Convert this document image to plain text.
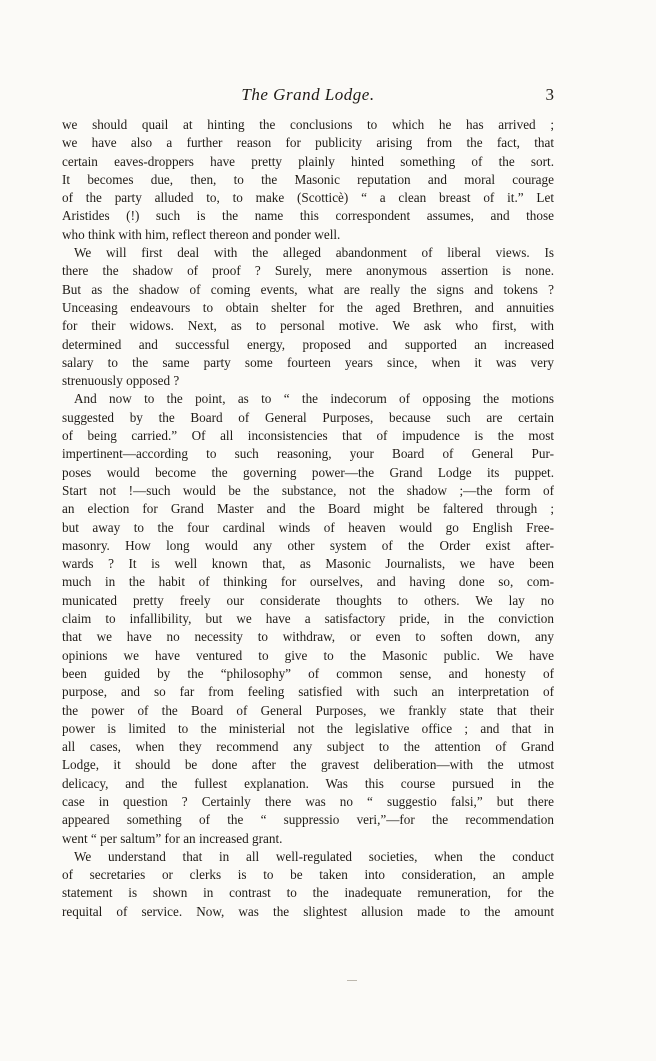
The Grand Lodge.	3
we should quail at hinting the conclusions to which he has arrived ;
we have also a further reason for publicity arising from the fact, that
certain eaves-droppers have pretty plainly hinted something of the sort.
It becomes due, then, to the Masonic reputation and moral courage
of the party alluded to, to make (Scotticè) “ a clean breast of it.” Let
Aristides (!) such is the name this correspondent assumes, and those
who think with him, reflect thereon and ponder well.
We will first deal with the alleged abandonment of liberal views. Is
there the shadow of proof ? Surely, mere anonymous assertion is none.
But as the shadow of coming events, what are really the signs and tokens ?
Unceasing endeavours to obtain shelter for the aged Brethren, and annuities
for their widows. Next, as to personal motive. We ask who first, with
determined and successful energy, proposed and supported an increased
salary to the same party some fourteen years since, when it was very
strenuously opposed ?
And now to the point, as to “ the indecorum of opposing the motions
suggested by the Board of General Purposes, because such are certain
of being carried.” Of all inconsistencies that of impudence is the most
impertinent—according to such reasoning, your Board of General Pur-
poses would become the governing power—the Grand Lodge its puppet.
Start not !—such would be the substance, not the shadow ;—the form of
an election for Grand Master and the Board might be faltered through ;
but away to the four cardinal winds of heaven would go English Free-
masonry. How long would any other system of the Order exist after-
wards ? It is well known that, as Masonic Journalists, we have been
much in the habit of thinking for ourselves, and having done so, com-
municated pretty freely our considerate thoughts to others. We lay no
claim to infallibility, but we have a satisfactory pride, in the conviction
that we have no necessity to withdraw, or even to soften down, any
opinions we have ventured to give to the Masonic public. We have
been guided by the “philosophy” of common sense, and honesty of
purpose, and so far from feeling satisfied with such an interpretation of
the power of the Board of General Purposes, we frankly state that their
power is limited to the ministerial not the legislative office ; and that in
all cases, when they recommend any subject to the attention of Grand
Lodge, it should be done after the gravest deliberation—with the utmost
delicacy, and the fullest explanation. Was this course pursued in the
case in question ? Certainly there was no “ suggestio falsi,” but there
appeared something of the “ suppressio veri,”—for the recommendation
went “ per saltum” for an increased grant.
We understand that in all well-regulated societies, when the conduct
of secretaries or clerks is to be taken into consideration, an ample
statement is shown in contrast to the inadequate remuneration, for the
requital of service. Now, was the slightest allusion made to the amount
